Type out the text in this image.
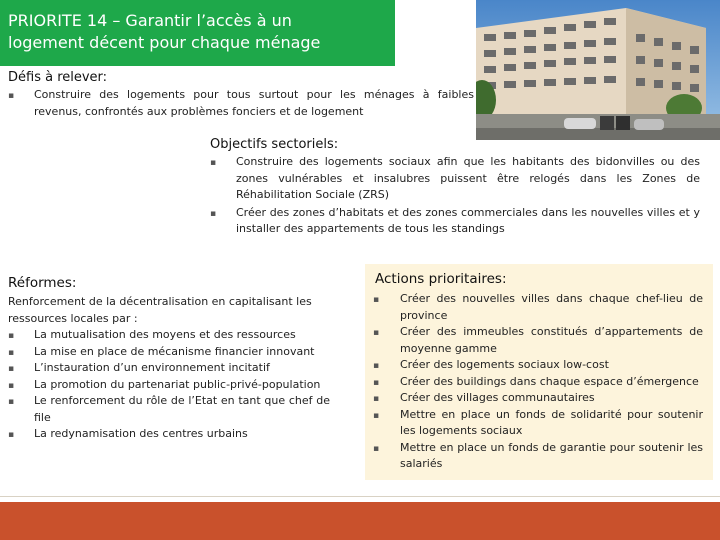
PRIORITE 14 – Garantir l’accès à un
logement décent pour chaque ménage
Défis à relever:
▪	Construire des logements pour tous surtout pour les ménages à faibles revenus, confrontés aux problèmes fonciers et de logement
Objectifs sectoriels:
▪	Construire des logements sociaux afin que les habitants des bidonvilles ou des zones vulnérables et insalubres puissent être relogés dans les Zones de Réhabilitation Sociale (ZRS)
▪	Créer des zones d’habitats et des zones commerciales dans les nouvelles villes et y installer des appartements de tous les standings
Réformes:
Renforcement de la décentralisation en capitalisant les ressources locales par :
▪	La mutualisation des moyens et des ressources
▪	La mise en place de mécanisme financier innovant
▪	L’instauration d’un environnement incitatif
▪	La promotion du partenariat public-privé-population
▪	Le renforcement du rôle de l’Etat en tant que chef de file
▪	La redynamisation des centres urbains
Actions prioritaires:
▪	Créer des nouvelles villes dans chaque chef-lieu de province
▪	Créer des immeubles constitués d’appartements de moyenne gamme
▪	Créer des logements sociaux low-cost
▪	Créer des buildings dans chaque espace d’émergence
▪	Créer des villages communautaires
▪	Mettre en place un fonds de solidarité pour soutenir les logements sociaux
▪	Mettre en place un fonds de garantie pour soutenir les salariés
